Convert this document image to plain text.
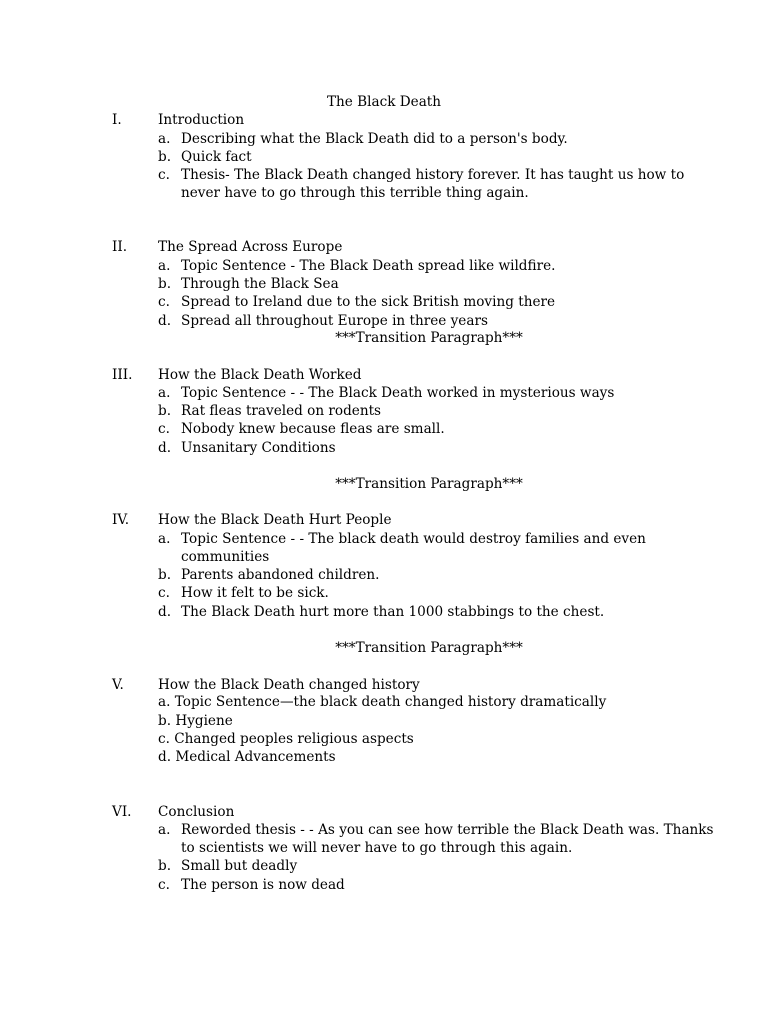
The Black Death
I.	Introduction
a. Describing what the Black Death did to a person's body.
b. Quick fact
c. Thesis- The Black Death changed history forever. It has taught us how to
never have to go through this terrible thing again.
II. The Spread Across Europe
a. Topic Sentence - The Black Death spread like wildfire.
b. Through the Black Sea
c. Spread to Ireland due to the sick British moving there
d. Spread all throughout Europe in three years
***Transition Paragraph***
III. How the Black Death Worked
a. Topic Sentence - - The Black Death worked in mysterious ways
b. Rat fleas traveled on rodents
c. Nobody knew because fleas are small.
d. Unsanitary Conditions
***Transition Paragraph***
IV. How the Black Death Hurt People
a. Topic Sentence - - The black death would destroy families and even
communities
b. Parents abandoned children.
c. How it felt to be sick.
d. The Black Death hurt more than 1000 stabbings to the chest.
***Transition Paragraph***
V.	How the Black Death changed history
a. Topic Sentence—the black death changed history dramatically
b. Hygiene
c. Changed peoples religious aspects
d. Medical Advancements
VI. Conclusion
a. Reworded thesis - - As you can see how terrible the Black Death was. Thanks
to scientists we will never have to go through this again.
b. Small but deadly
c. The person is now dead
